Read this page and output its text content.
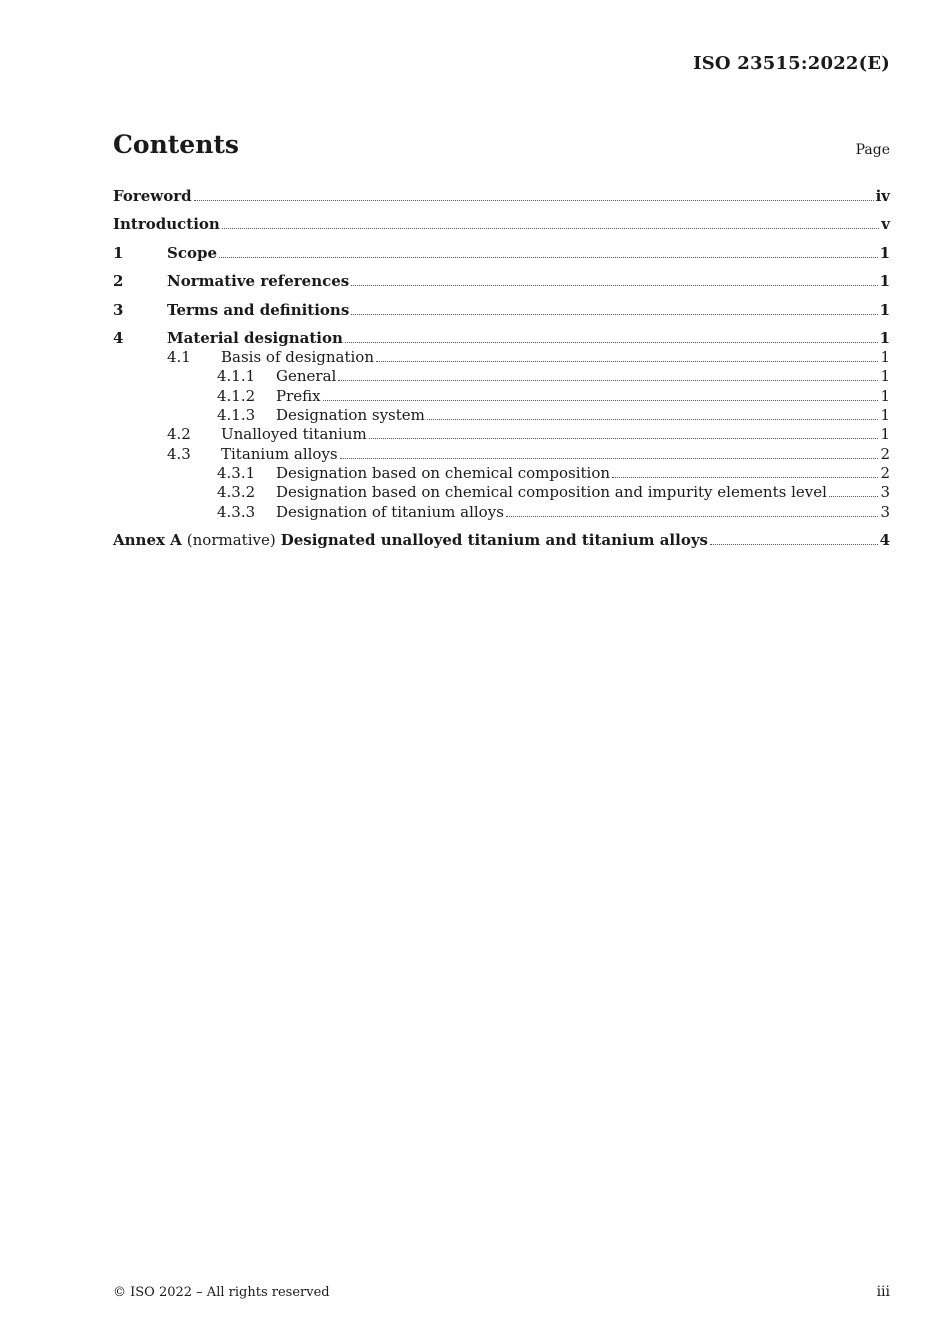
ISO 23515:2022(E)
Contents	Page
Foreword	iv
Introduction	v
1	Scope	1
2	Normative references	1
3	Terms and definitions	1
4	Material designation	1
4.1	Basis of designation	1
4.1.1	General	1
4.1.2	Prefix	1
4.1.3	Designation system	1
4.2	Unalloyed titanium	1
4.3	Titanium alloys	2
4.3.1	Designation based on chemical composition	2
4.3.2	Designation based on chemical composition and impurity elements level	3
4.3.3	Designation of titanium alloys	3
Annex A (normative) Designated unalloyed titanium and titanium alloys	4
© ISO 2022 – All rights reserved	iii
